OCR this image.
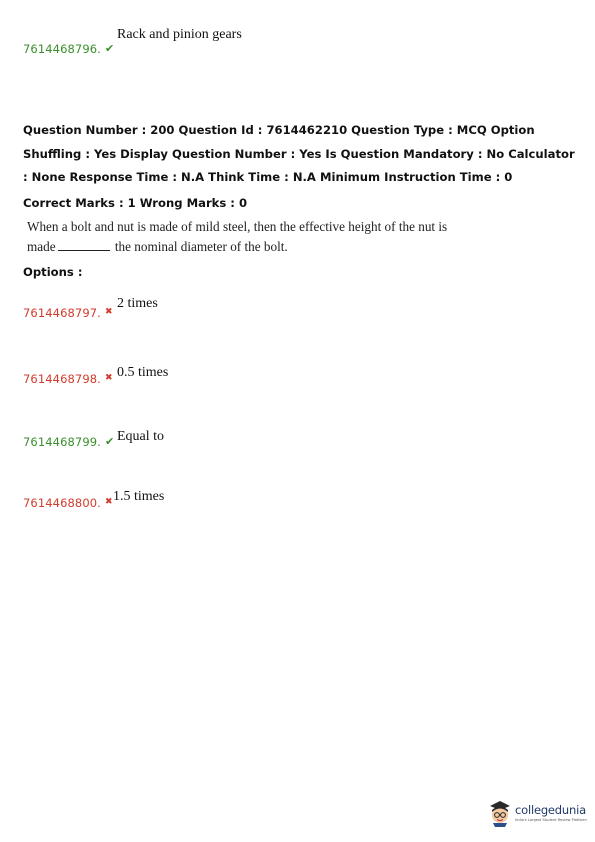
Rack and pinion gears
7614468796. ✔
Question Number : 200 Question Id : 7614462210 Question Type : MCQ Option Shuffling : Yes Display Question Number : Yes Is Question Mandatory : No Calculator : None Response Time : N.A Think Time : N.A Minimum Instruction Time : 0
Correct Marks : 1 Wrong Marks : 0
When a bolt and nut is made of mild steel, then the effective height of the nut is
made	the nominal diameter of the bolt.
Options :
2 times
7614468797. ✖
0.5 times
7614468798. ✖
Equal to
7614468799. ✔
1.5 times
7614468800. ✖
collegedunia
India's Largest Student Review Platform
